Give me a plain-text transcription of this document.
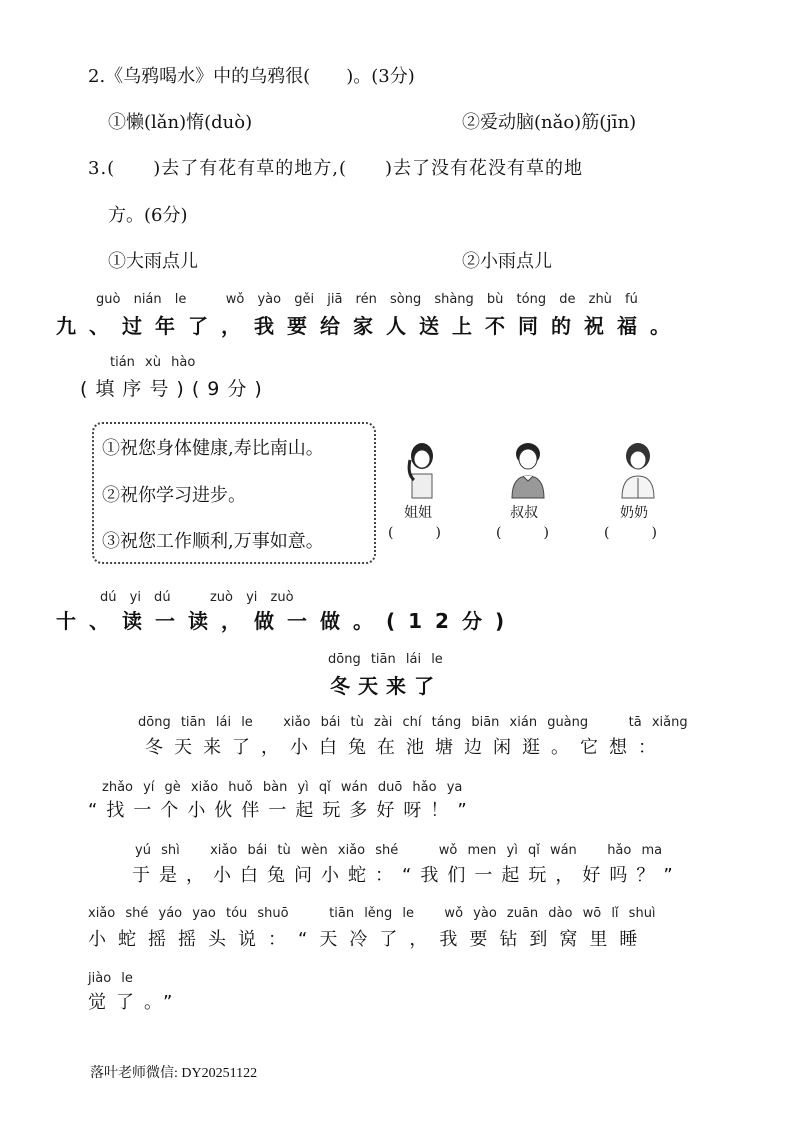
2.《乌鸦喝水》中的乌鸦很(　　)。(3分)
①懒(lǎn)惰(duò)	②爱动脑(nǎo)筋(jīn)
3.(　　)去了有花有草的地方,(　　)去了没有花没有草的地
方。(6分)
①大雨点儿	②小雨点儿
guò nián le   wǒ yào gěi jiā rén sòng shàng bù tóng de zhù fú
九、过年了，我要给家人送上不同的祝福。
tián xù hào
(填序号)(9分)
①祝您身体健康,寿比南山。
②祝你学习进步。
③祝您工作顺利,万事如意。
姐姐	叔叔	奶奶
(　　　)	(　　　)	(　　　)
dú yi dú   zuò yi zuò
十、读一读，做一做。(12分)
dōng tiān lái le
冬天来了
dōng tiān lái le   xiǎo bái tù zài chí táng biān xián guàng    tā xiǎng
冬天来了，小白兔在池塘边闲逛。它想：
zhǎo yí gè xiǎo huǒ bàn yì qǐ wán duō hǎo ya
“找一个小伙伴一起玩多好呀！”
yú shì   xiǎo bái tù wèn xiǎo shé    wǒ men yì qǐ wán   hǎo ma
于是，小白兔问小蛇：“我们一起玩，好吗？”
xiǎo shé yáo yao tóu shuō    tiān lěng le   wǒ yào zuān dào wō lǐ shuì
小蛇摇摇头说：“天冷了，我要钻到窝里睡
jiào le
觉了。”
落叶老师微信: DY20251122
